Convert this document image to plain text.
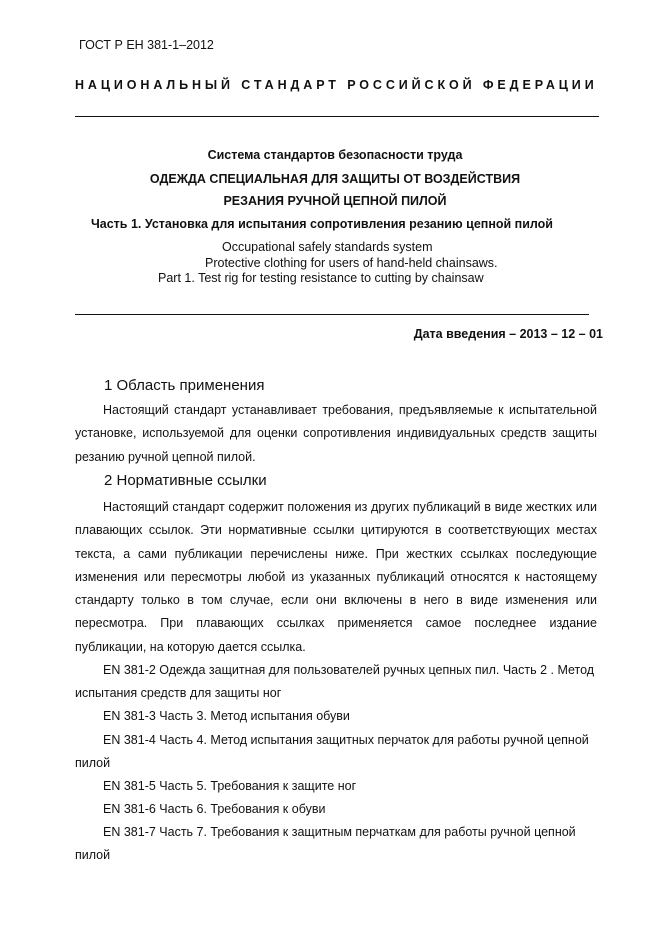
ГОСТ Р ЕН 381-1–2012
НАЦИОНАЛЬНЫЙ СТАНДАРТ РОССИЙСКОЙ ФЕДЕРАЦИИ
Система стандартов безопасности труда
ОДЕЖДА СПЕЦИАЛЬНАЯ ДЛЯ ЗАЩИТЫ ОТ ВОЗДЕЙСТВИЯ
РЕЗАНИЯ РУЧНОЙ ЦЕПНОЙ ПИЛОЙ
Часть 1. Установка для испытания сопротивления резанию цепной пилой
Occupational safely standards system
Protective clothing for users of hand-held chainsaws.
Part 1. Test rig for testing resistance to cutting by chainsaw
Дата введения – 2013 – 12 – 01
1 Область применения
Настоящий стандарт устанавливает требования, предъявляемые к испытательной установке, используемой для оценки сопротивления индивидуальных средств защиты резанию ручной цепной пилой.
2 Нормативные ссылки
Настоящий стандарт содержит положения из других публикаций в виде жестких или плавающих ссылок. Эти нормативные ссылки цитируются в соответствующих местах текста, а сами публикации перечислены ниже. При жестких ссылках последующие изменения или пересмотры любой из указанных публикаций относятся к настоящему стандарту только в том случае, если они включены в него в виде изменения или пересмотра. При плавающих ссылках применяется самое последнее издание публикации, на которую дается ссылка.
EN 381-2 Одежда защитная для пользователей ручных цепных пил. Часть 2 . Метод испытания средств для защиты ног
EN 381-3 Часть 3. Метод испытания обуви
EN 381-4 Часть 4. Метод испытания защитных перчаток для работы ручной цепной пилой
EN 381-5 Часть 5. Требования к защите ног
EN 381-6 Часть 6. Требования к обуви
EN 381-7 Часть 7. Требования к защитным перчаткам для работы ручной цепной пилой
